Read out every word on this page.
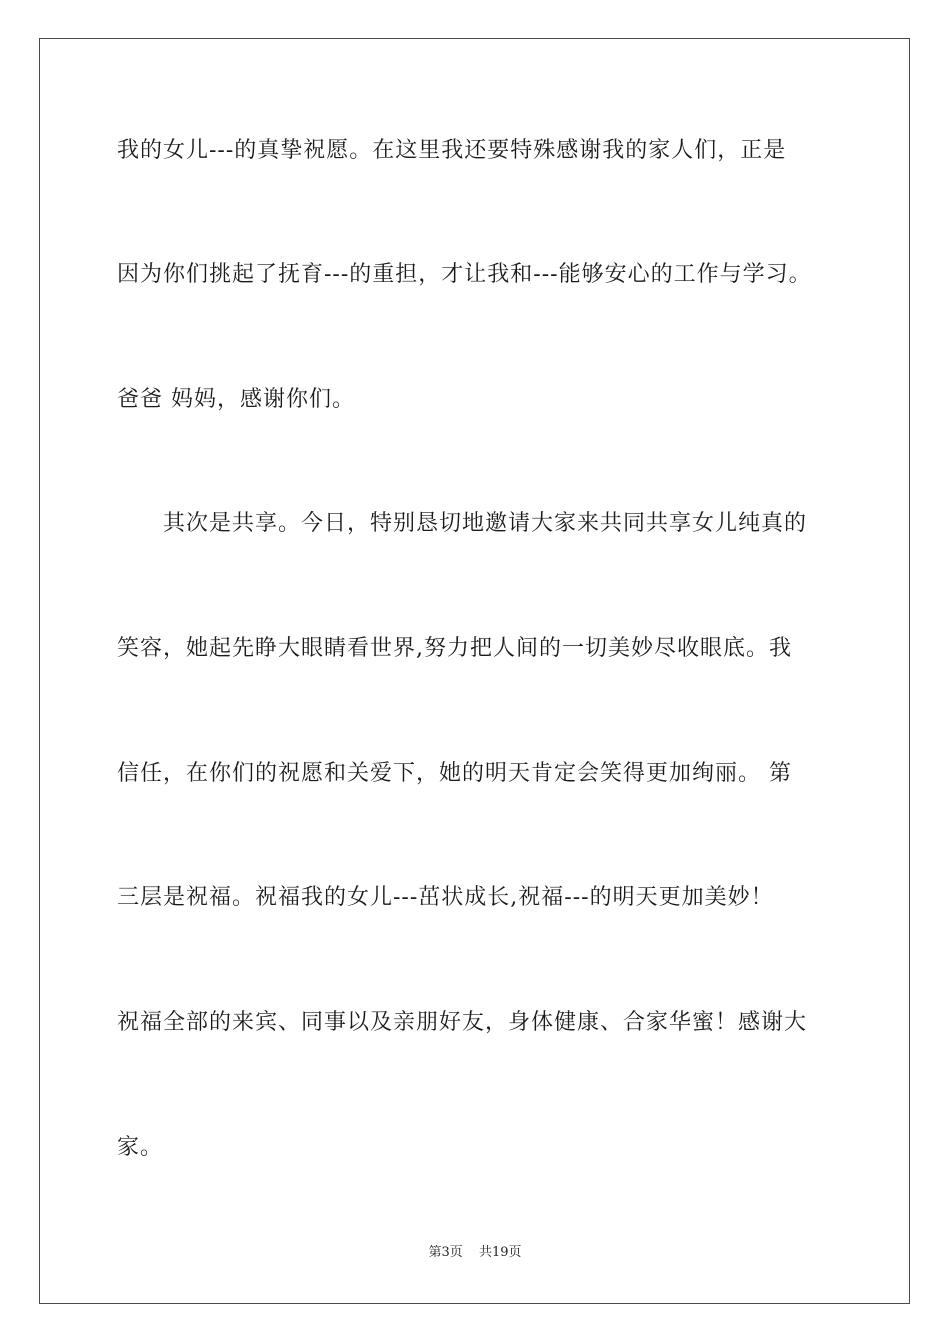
我的女儿---的真挚祝愿。在这里我还要特殊感谢我的家人们，正是
因为你们挑起了抚育---的重担，才让我和---能够安心的工作与学习。
爸爸 妈妈，感谢你们。
其次是共享。今日，特别恳切地邀请大家来共同共享女儿纯真的
笑容，她起先睁大眼睛看世界,努力把人间的一切美妙尽收眼底。我
信任，在你们的祝愿和关爱下，她的明天肯定会笑得更加绚丽。 第
三层是祝福。祝福我的女儿---茁状成长,祝福---的明天更加美妙！
祝福全部的来宾、同事以及亲朋好友，身体健康、合家华蜜！感谢大
家。
第3页 共19页
